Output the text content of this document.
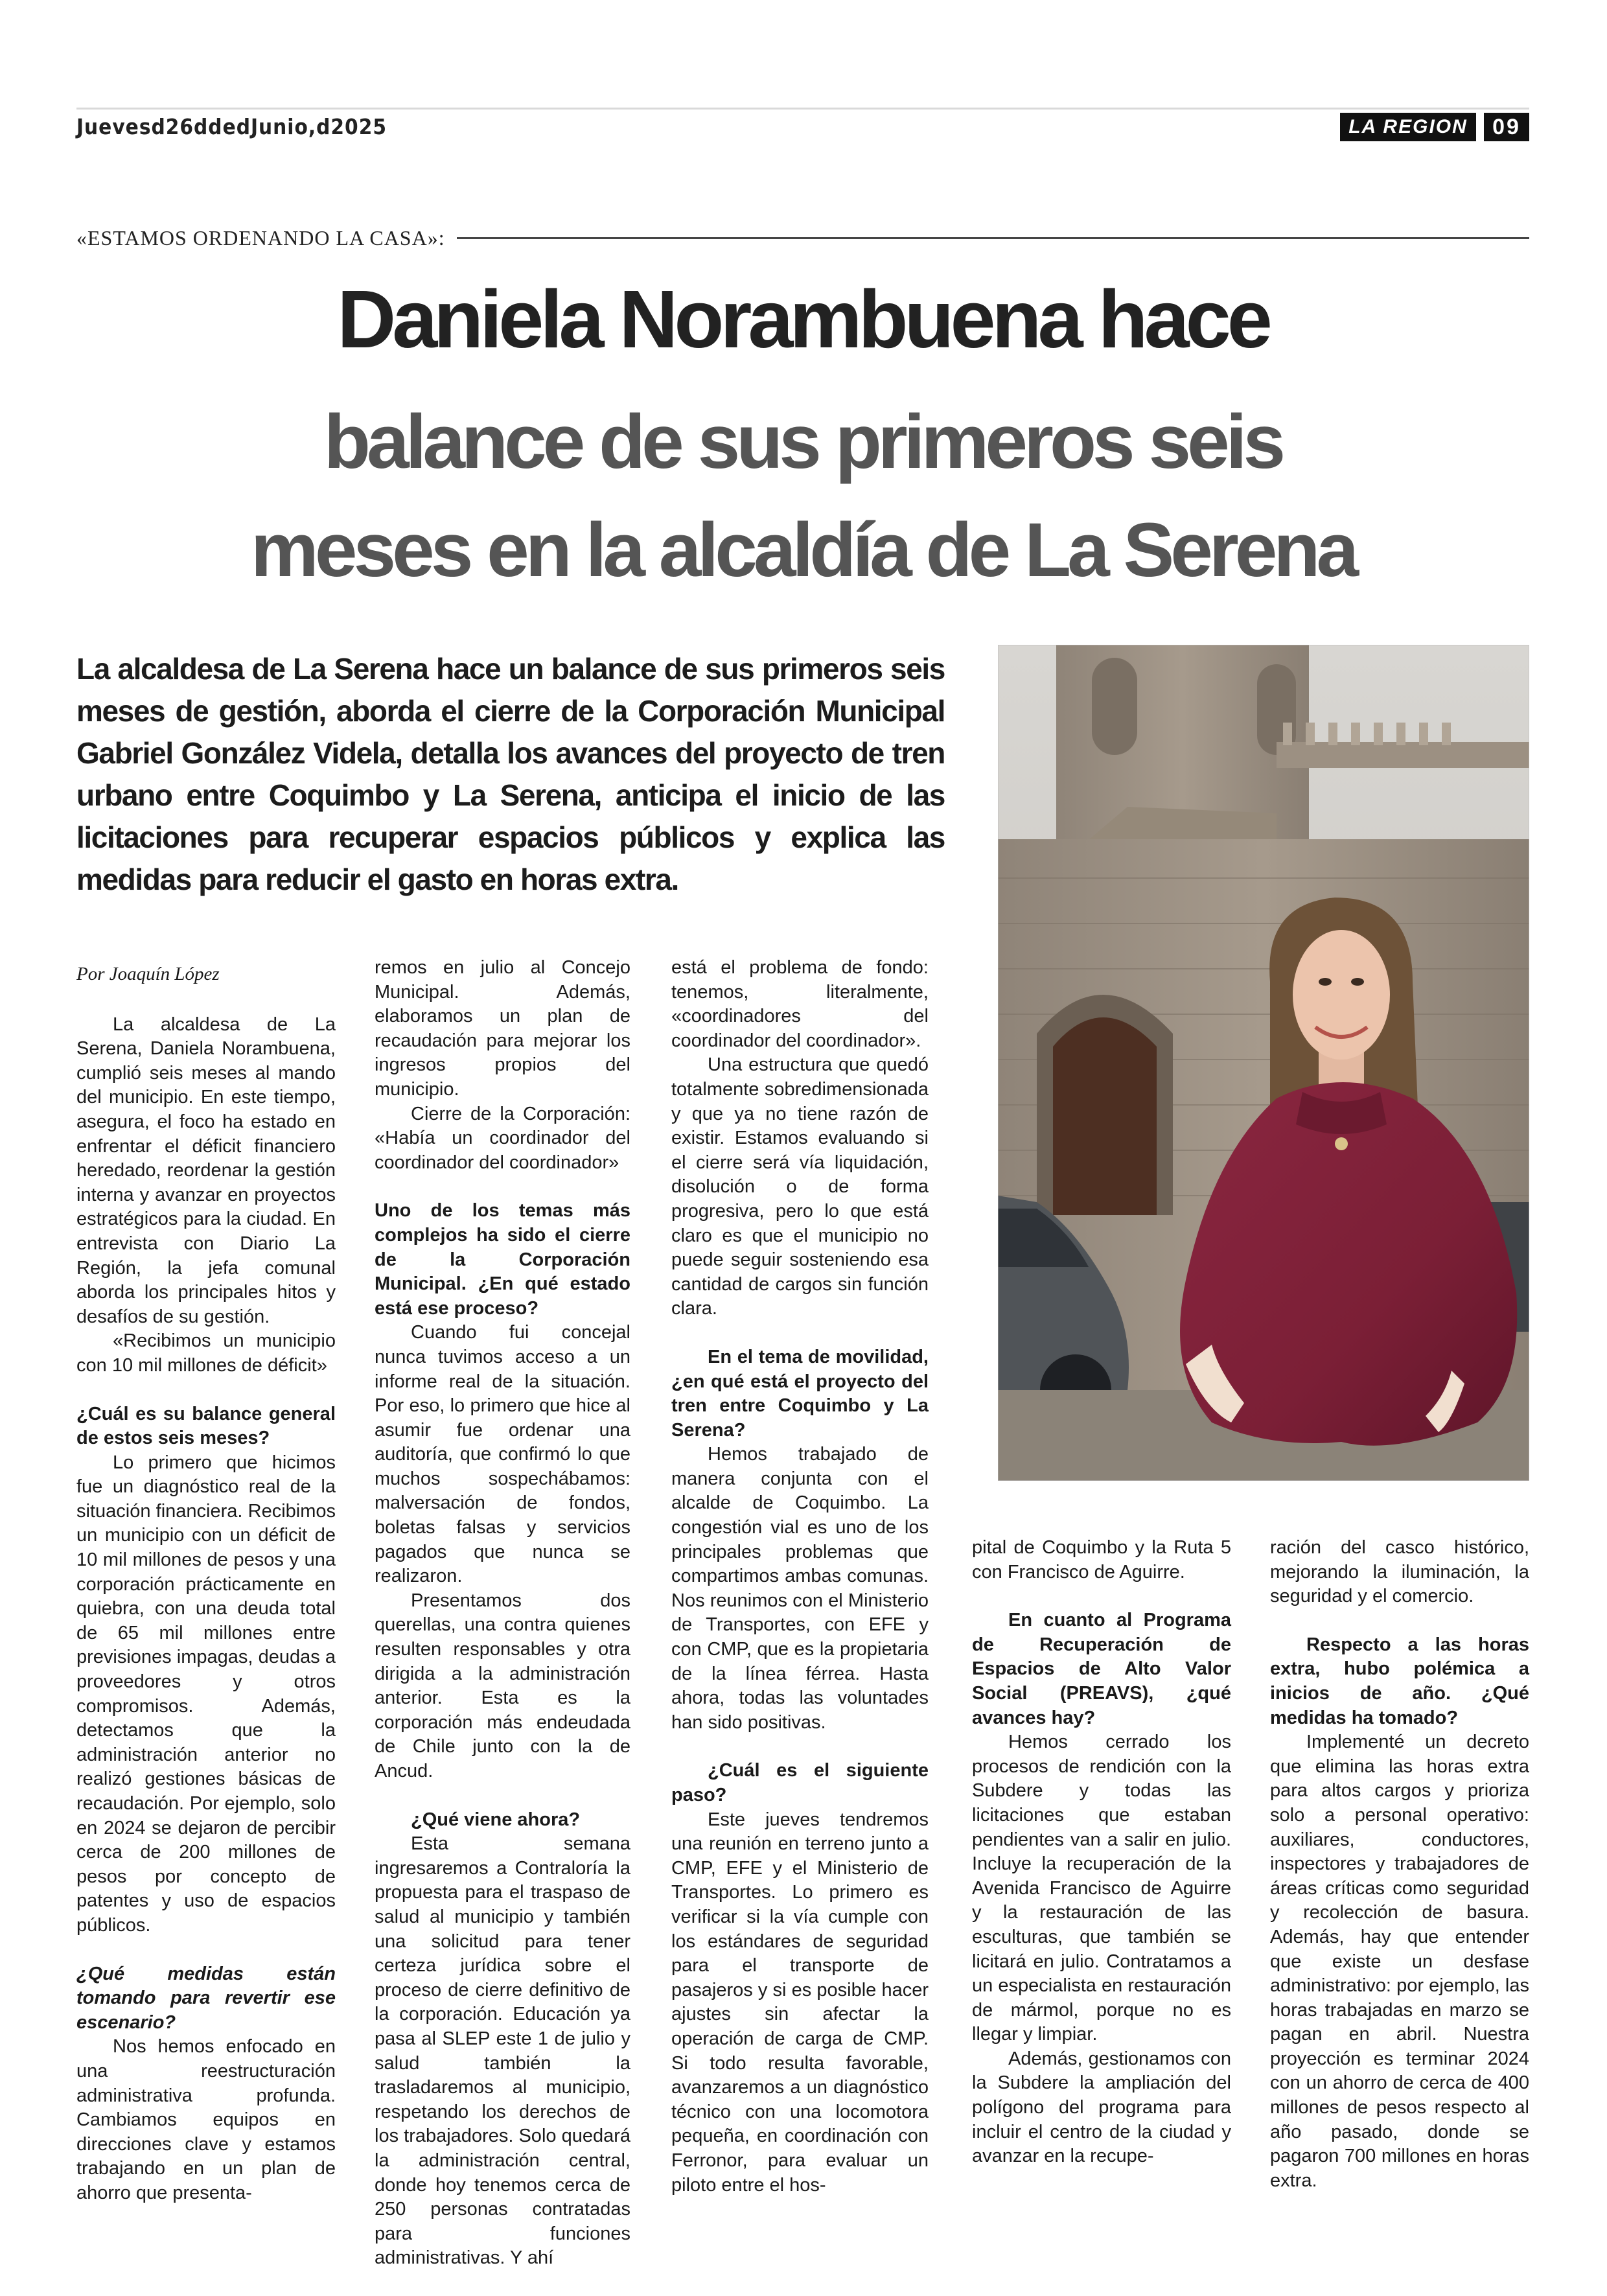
Juevesd26ddedJunio,d2025	LA REGION	09
«ESTAMOS ORDENANDO LA CASA»:
Daniela Norambuena hace
balance de sus primeros seis
meses en la alcaldía de La Serena
La alcaldesa de La Serena hace un balance de sus primeros seis meses de gestión, aborda el cierre de la Corporación Municipal Gabriel González Videla, detalla los avances del proyecto de tren urbano entre Coquimbo y La Serena, anticipa el inicio de las licitaciones para recuperar espacios públicos y explica las medidas para reducir el gasto en horas extra.

Por Joaquín López

La alcaldesa de La Serena, Daniela Norambuena, cumplió seis meses al mando del municipio. En este tiempo, asegura, el foco ha estado en enfrentar el déficit financiero heredado, reordenar la gestión interna y avanzar en proyectos estratégicos para la ciudad. En entrevista con Diario La Región, la jefa comunal aborda los principales hitos y desafíos de su gestión.

«Recibimos un municipio con 10 mil millones de déficit»

¿Cuál es su balance general de estos seis meses?

Lo primero que hicimos fue un diagnóstico real de la situación financiera. Recibimos un municipio con un déficit de 10 mil millones de pesos y una corporación prácticamente en quiebra, con una deuda total de 65 mil millones entre previsiones impagas, deudas a proveedores y otros compromisos. Además, detectamos que la administración anterior no realizó gestiones básicas de recaudación. Por ejemplo, solo en 2024 se dejaron de percibir cerca de 200 millones de pesos por concepto de patentes y uso de espacios públicos.

¿Qué medidas están tomando para revertir ese escenario?

Nos hemos enfocado en una reestructuración administrativa profunda. Cambiamos equipos en direcciones clave y estamos trabajando en un plan de ahorro que presenta-

remos en julio al Concejo Municipal. Además, elaboramos un plan de recaudación para mejorar los ingresos propios del municipio.

Cierre de la Corporación: «Había un coordinador del coordinador del coordinador»

Uno de los temas más complejos ha sido el cierre de la Corporación Municipal. ¿En qué estado está ese proceso?

Cuando fui concejal nunca tuvimos acceso a un informe real de la situación. Por eso, lo primero que hice al asumir fue ordenar una auditoría, que confirmó lo que muchos sospechábamos: malversación de fondos, boletas falsas y servicios pagados que nunca se realizaron.

Presentamos dos querellas, una contra quienes resulten responsables y otra dirigida a la administración anterior. Esta es la corporación más endeudada de Chile junto con la de Ancud.

¿Qué viene ahora?

Esta semana ingresaremos a Contraloría la propuesta para el traspaso de salud al municipio y también una solicitud para tener certeza jurídica sobre el proceso de cierre definitivo de la corporación. Educación ya pasa al SLEP este 1 de julio y salud también la trasladaremos al municipio, respetando los derechos de los trabajadores. Solo quedará la administración central, donde hoy tenemos cerca de 250 personas contratadas para funciones administrativas. Y ahí

está el problema de fondo: tenemos, literalmente, «coordinadores del coordinador del coordinador».

Una estructura que quedó totalmente sobredimensionada y que ya no tiene razón de existir. Estamos evaluando si el cierre será vía liquidación, disolución o de forma progresiva, pero lo que está claro es que el municipio no puede seguir sosteniendo esa cantidad de cargos sin función clara.

En el tema de movilidad, ¿en qué está el proyecto del tren entre Coquimbo y La Serena?

Hemos trabajado de manera conjunta con el alcalde de Coquimbo. La congestión vial es uno de los principales problemas que compartimos ambas comunas. Nos reunimos con el Ministerio de Transportes, con EFE y con CMP, que es la propietaria de la línea férrea. Hasta ahora, todas las voluntades han sido positivas.

¿Cuál es el siguiente paso?

Este jueves tendremos una reunión en terreno junto a CMP, EFE y el Ministerio de Transportes. Lo primero es verificar si la vía cumple con los estándares de seguridad para el transporte de pasajeros y si es posible hacer ajustes sin afectar la operación de carga de CMP. Si todo resulta favorable, avanzaremos a un diagnóstico técnico con una locomotora pequeña, en coordinación con Ferronor, para evaluar un piloto entre el hos-

pital de Coquimbo y la Ruta 5 con Francisco de Aguirre.

En cuanto al Programa de Recuperación de Espacios de Alto Valor Social (PREAVS), ¿qué avances hay?

Hemos cerrado los procesos de rendición con la Subdere y todas las licitaciones que estaban pendientes van a salir en julio. Incluye la recuperación de la Avenida Francisco de Aguirre y la restauración de las esculturas, que también se licitará en julio. Contratamos a un especialista en restauración de mármol, porque no es llegar y limpiar.

Además, gestionamos con la Subdere la ampliación del polígono del programa para incluir el centro de la ciudad y avanzar en la recupe-

ración del casco histórico, mejorando la iluminación, la seguridad y el comercio.

Respecto a las horas extra, hubo polémica a inicios de año. ¿Qué medidas ha tomado?

Implementé un decreto que elimina las horas extra para altos cargos y prioriza solo a personal operativo: auxiliares, conductores, inspectores y trabajadores de áreas críticas como seguridad y recolección de basura. Además, hay que entender que existe un desfase administrativo: por ejemplo, las horas trabajadas en marzo se pagan en abril. Nuestra proyección es terminar 2024 con un ahorro de cerca de 400 millones de pesos respecto al año pasado, donde se pagaron 700 millones en horas extra.
